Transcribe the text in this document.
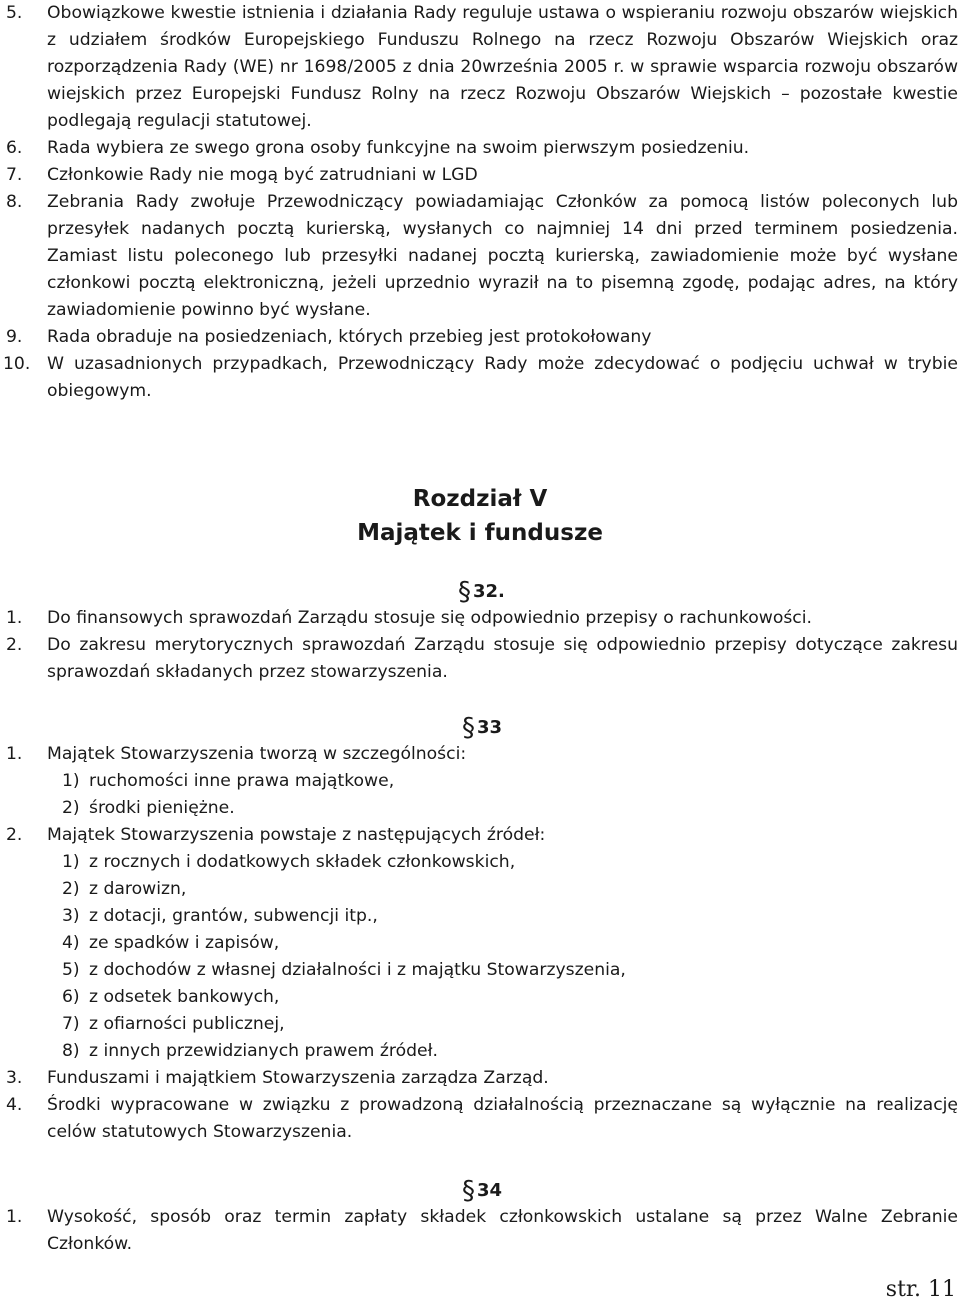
5. Obowiązkowe kwestie istnienia i działania Rady reguluje ustawa o wspieraniu rozwoju obszarów wiejskich z udziałem środków Europejskiego Funduszu Rolnego na rzecz Rozwoju Obszarów Wiejskich oraz rozporządzenia Rady (WE) nr 1698/2005 z dnia 20września 2005 r. w sprawie wsparcia rozwoju obszarów wiejskich przez Europejski Fundusz Rolny na rzecz Rozwoju Obszarów Wiejskich – pozostałe kwestie podlegają regulacji statutowej.
6. Rada wybiera ze swego grona osoby funkcyjne na swoim pierwszym posiedzeniu.
7. Członkowie Rady nie mogą być zatrudniani w LGD
8. Zebrania Rady zwołuje Przewodniczący powiadamiając Członków za pomocą listów poleconych lub przesyłek nadanych pocztą kurierską, wysłanych co najmniej 14 dni przed terminem posiedzenia. Zamiast listu poleconego lub przesyłki nadanej pocztą kurierską, zawiadomienie może być wysłane członkowi pocztą elektroniczną, jeżeli uprzednio wyraził na to pisemną zgodę, podając adres, na który zawiadomienie powinno być wysłane.
9. Rada obraduje na posiedzeniach, których przebieg jest protokołowany
10. W uzasadnionych przypadkach, Przewodniczący Rady może zdecydować o podjęciu uchwał w trybie obiegowym.
Rozdział V
Majątek i fundusze
§ 32.
1. Do finansowych sprawozdań Zarządu stosuje się odpowiednio przepisy o rachunkowości.
2. Do zakresu merytorycznych sprawozdań Zarządu stosuje się odpowiednio przepisy dotyczące zakresu sprawozdań składanych przez stowarzyszenia.
§ 33
1. Majątek Stowarzyszenia tworzą w szczególności:
1) ruchomości inne prawa majątkowe,
2) środki pieniężne.
2. Majątek Stowarzyszenia powstaje z następujących źródeł:
1) z rocznych i dodatkowych składek członkowskich,
2) z darowizn,
3) z dotacji, grantów, subwencji itp.,
4) ze spadków i zapisów,
5) z dochodów z własnej działalności i z majątku Stowarzyszenia,
6) z odsetek bankowych,
7) z ofiarności publicznej,
8) z innych przewidzianych prawem źródeł.
3. Funduszami i majątkiem Stowarzyszenia zarządza Zarząd.
4. Środki wypracowane w związku z prowadzoną działalnością przeznaczane są wyłącznie na realizację celów statutowych Stowarzyszenia.
§ 34
1. Wysokość, sposób oraz termin zapłaty składek członkowskich ustalane są przez Walne Zebranie Członków.
str. 11
